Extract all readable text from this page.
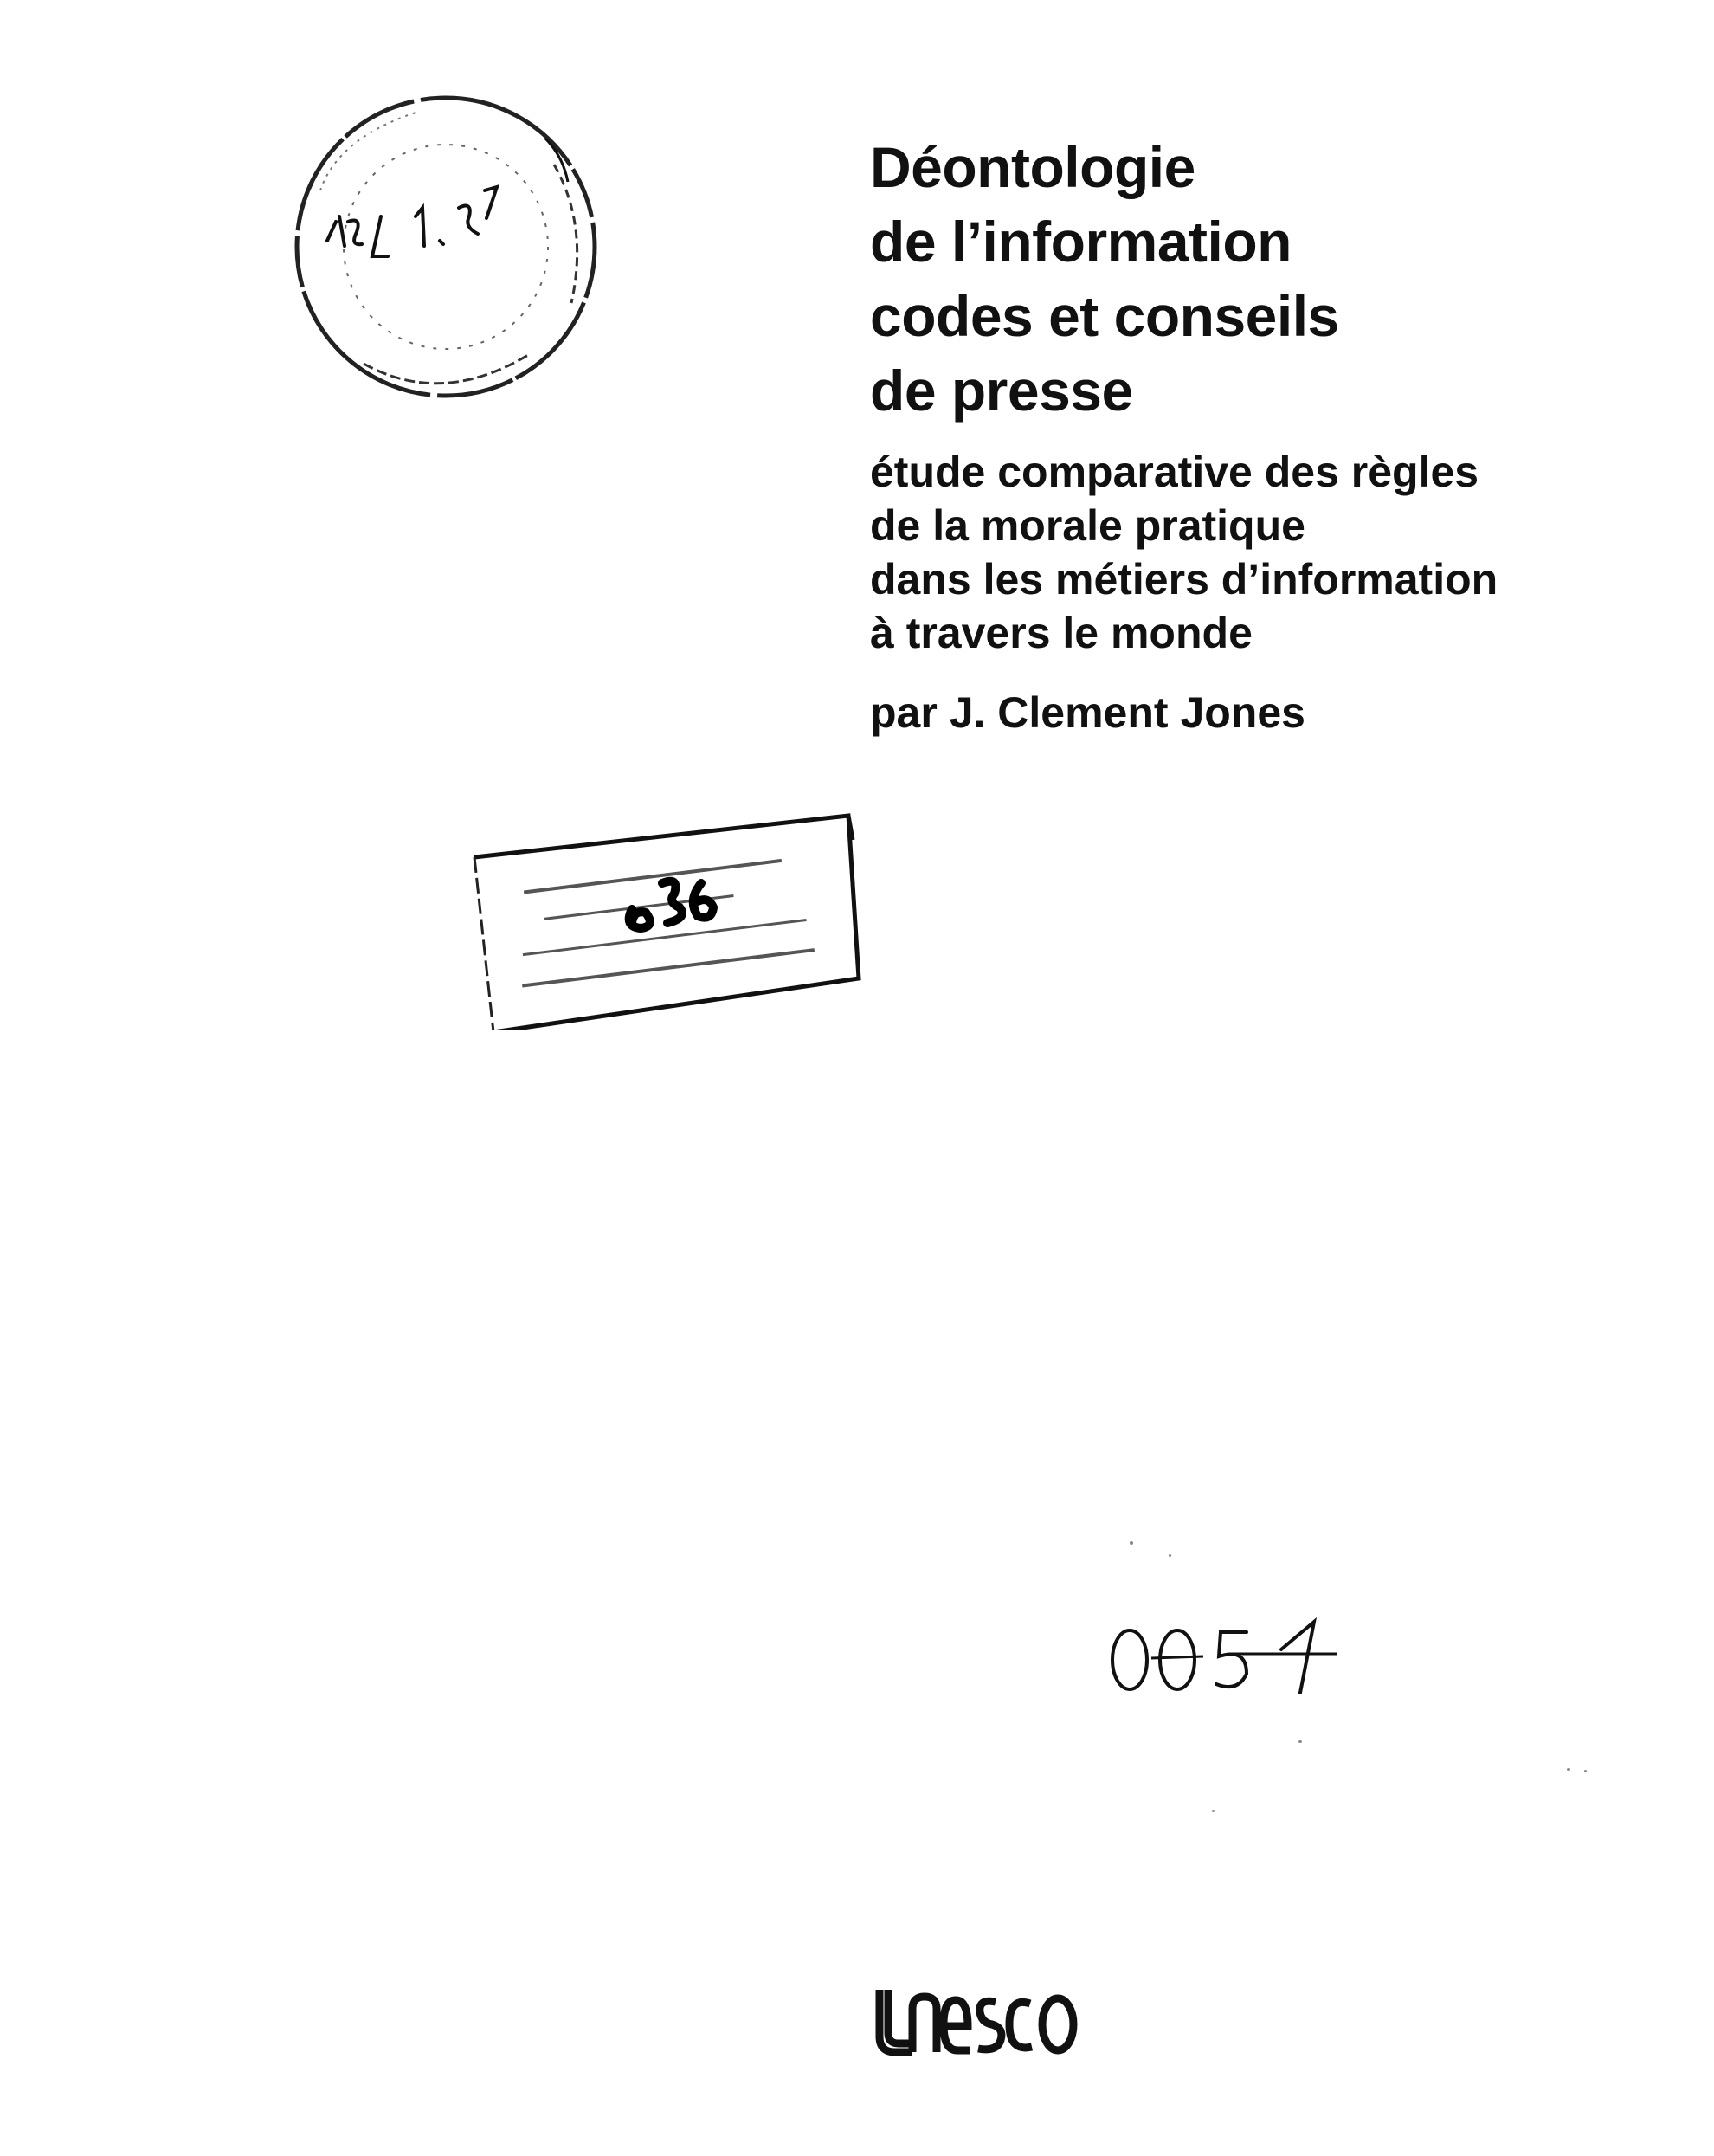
Déontologie
de l’information
codes et conseils
de presse
étude comparative des règles
de la morale pratique
dans les métiers d’information
à travers le monde
par J. Clement Jones
